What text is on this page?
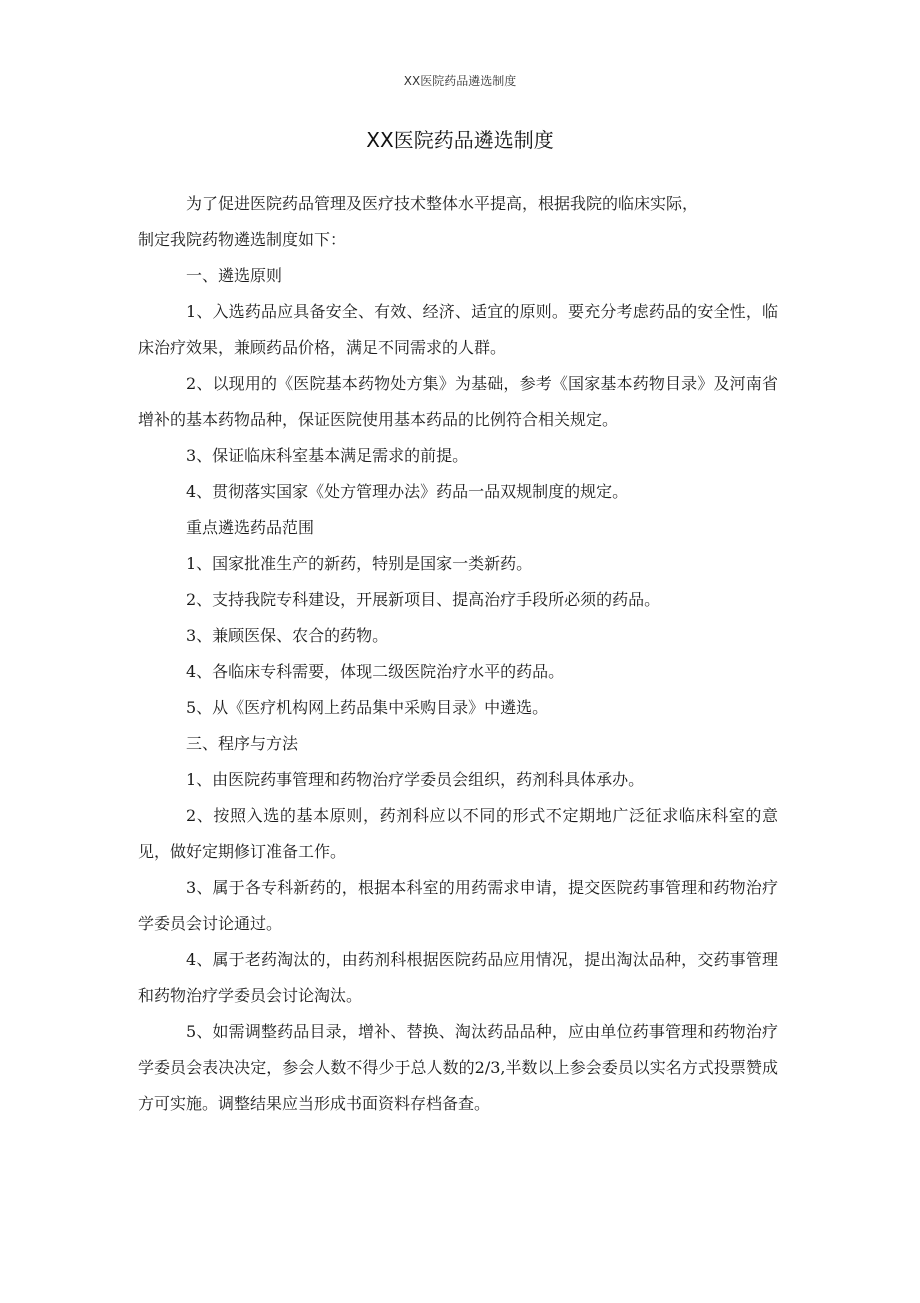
XX医院药品遴选制度
XX医院药品遴选制度

为了促进医院药品管理及医疗技术整体水平提高，根据我院的临床实际，

制定我院药物遴选制度如下：

一、遴选原则

1、入选药品应具备安全、有效、经济、适宜的原则。要充分考虑药品的安全性，临床治疗效果，兼顾药品价格，满足不同需求的人群。

2、以现用的《医院基本药物处方集》为基础，参考《国家基本药物目录》及河南省增补的基本药物品种，保证医院使用基本药品的比例符合相关规定。

3、保证临床科室基本满足需求的前提。

4、贯彻落实国家《处方管理办法》药品一品双规制度的规定。

重点遴选药品范围

1、国家批准生产的新药，特别是国家一类新药。

2、支持我院专科建设，开展新项目、提高治疗手段所必须的药品。

3、兼顾医保、农合的药物。

4、各临床专科需要，体现二级医院治疗水平的药品。

5、从《医疗机构网上药品集中采购目录》中遴选。

三、程序与方法

1、由医院药事管理和药物治疗学委员会组织，药剂科具体承办。

2、按照入选的基本原则，药剂科应以不同的形式不定期地广泛征求临床科室的意见，做好定期修订准备工作。

3、属于各专科新药的，根据本科室的用药需求申请，提交医院药事管理和药物治疗学委员会讨论通过。

4、属于老药淘汰的，由药剂科根据医院药品应用情况，提出淘汰品种，交药事管理和药物治疗学委员会讨论淘汰。

5、如需调整药品目录，增补、替换、淘汰药品品种，应由单位药事管理和药物治疗学委员会表决决定，参会人数不得少于总人数的2/3,半数以上参会委员以实名方式投票赞成方可实施。调整结果应当形成书面资料存档备查。
